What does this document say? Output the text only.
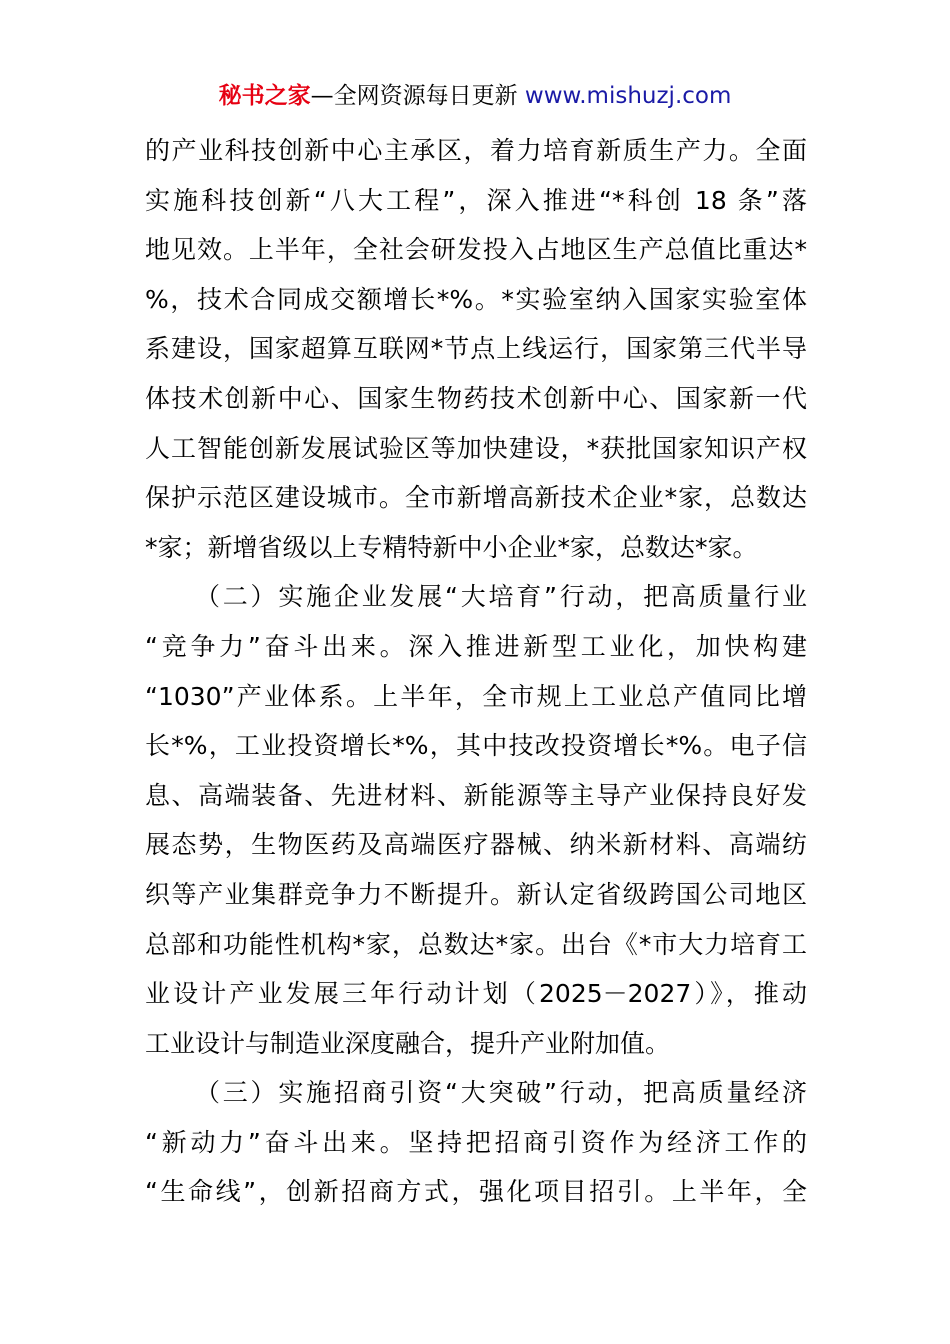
秘书之家—全网资源每日更新 www.mishuzj.com
的产业科技创新中心主承区，着力培育新质生产力。全面
实施科技创新“八大工程”，深入推进“*科创 18 条”落
地见效。上半年，全社会研发投入占地区生产总值比重达*
%，技术合同成交额增长*%。*实验室纳入国家实验室体
系建设，国家超算互联网*节点上线运行，国家第三代半导
体技术创新中心、国家生物药技术创新中心、国家新一代
人工智能创新发展试验区等加快建设，*获批国家知识产权
保护示范区建设城市。全市新增高新技术企业*家，总数达
*家；新增省级以上专精特新中小企业*家，总数达*家。
（二）实施企业发展“大培育”行动，把高质量行业
“竞争力”奋斗出来。深入推进新型工业化，加快构建
“1030”产业体系。上半年，全市规上工业总产值同比增
长*%，工业投资增长*%，其中技改投资增长*%。电子信
息、高端装备、先进材料、新能源等主导产业保持良好发
展态势，生物医药及高端医疗器械、纳米新材料、高端纺
织等产业集群竞争力不断提升。新认定省级跨国公司地区
总部和功能性机构*家，总数达*家。出台《*市大力培育工
业设计产业发展三年行动计划（2025－2027）》，推动
工业设计与制造业深度融合，提升产业附加值。
（三）实施招商引资“大突破”行动，把高质量经济
“新动力”奋斗出来。坚持把招商引资作为经济工作的
“生命线”，创新招商方式，强化项目招引。上半年，全
